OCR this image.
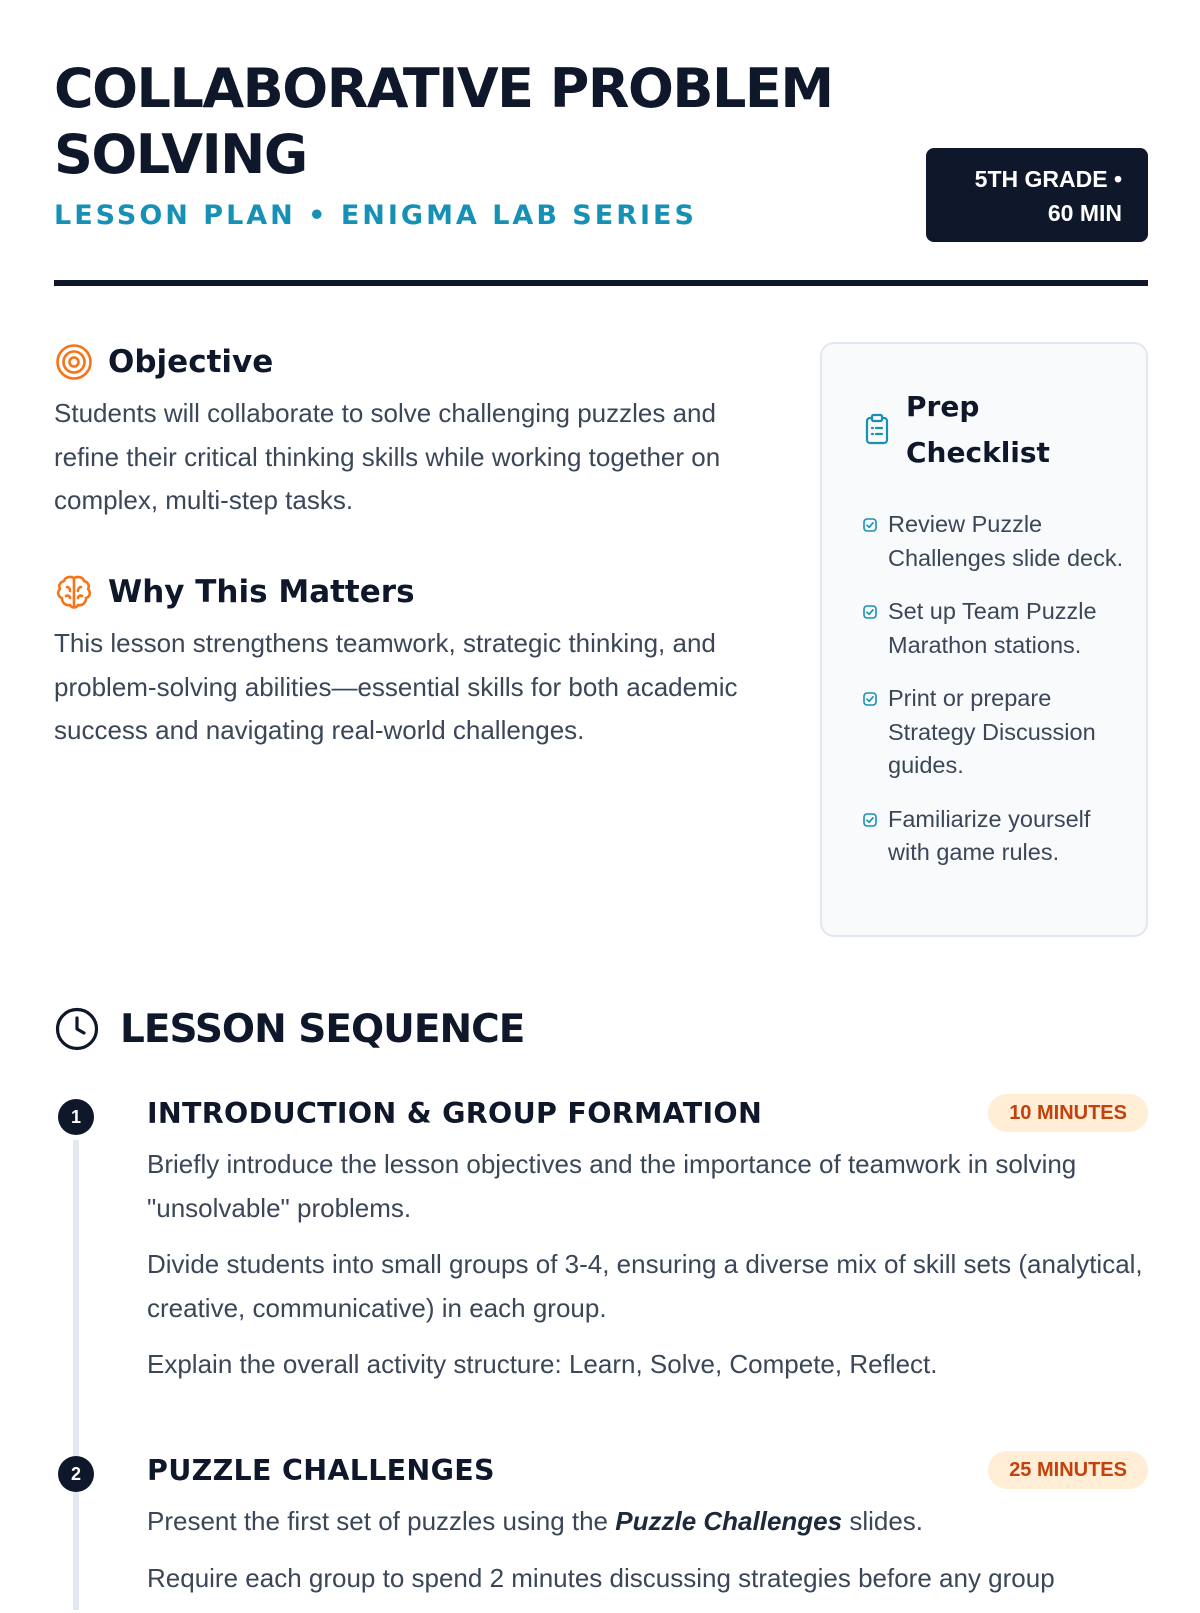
COLLABORATIVE PROBLEM SOLVING
LESSON PLAN • ENIGMA LAB SERIES
5TH GRADE •
60 MIN
Objective

Students will collaborate to solve challenging puzzles and refine their critical thinking skills while working together on complex, multi-step tasks.

Why This Matters

This lesson strengthens teamwork, strategic thinking, and problem-solving abilities—essential skills for both academic success and navigating real-world challenges.

Prep Checklist
Review Puzzle Challenges slide deck.
Set up Team Puzzle Marathon stations.
Print or prepare Strategy Discussion guides.
Familiarize yourself with game rules.
LESSON SEQUENCE
1	INTRODUCTION & GROUP FORMATION	10 MINUTES

Briefly introduce the lesson objectives and the importance of teamwork in solving "unsolvable" problems.

Divide students into small groups of 3-4, ensuring a diverse mix of skill sets (analytical, creative, communicative) in each group.

Explain the overall activity structure: Learn, Solve, Compete, Reflect.

2	PUZZLE CHALLENGES	25 MINUTES

Present the first set of puzzles using the Puzzle Challenges slides.

Require each group to spend 2 minutes discussing strategies before any group
